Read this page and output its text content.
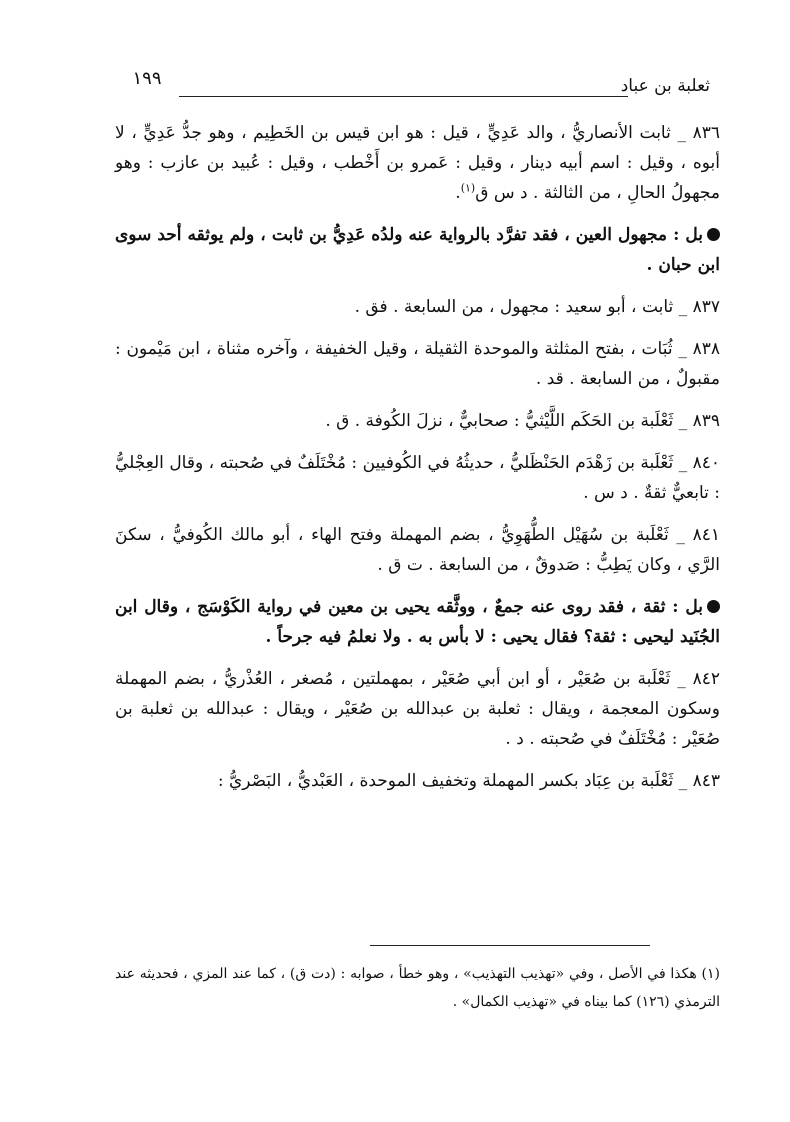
ثعلبة بن عباد
١٩٩

٨٣٦ _ ثابت الأنصاريُّ ، والد عَدِيٍّ ، قيل : هو ابن قيس بن الخَطِيم ، وهو جدُّ عَدِيٍّ ، لا أبوه ، وقيل : اسم أبيه دينار ، وقيل : عَمرو بن أَخْطب ، وقيل : عُبيد بن عازب : وهو مجهولُ الحالِ ، من الثالثة . د س ق$^{(١)}$.

بل : مجهول العين ، فقد تفرَّد بالرواية عنه ولدُه عَدِيُّ بن ثابت ، ولم يوثقه أحد سوى ابن حبان .

٨٣٧ _ ثابت ، أبو سعيد : مجهول ، من السابعة . فق .

٨٣٨ _ ثُبَات ، بفتح المثلثة والموحدة الثقيلة ، وقيل الخفيفة ، وآخره مثناة ، ابن مَيْمون : مقبولٌ ، من السابعة . قد .

٨٣٩ _ ثَعْلَبة بن الحَكَم اللَّيْثيُّ : صحابيٌّ ، نزلَ الكُوفة . ق .

٨٤٠ _ ثَعْلَبة بن زَهْدَم الحَنْظَليُّ ، حديثُهُ في الكُوفيين : مُخْتَلَفٌ في صُحبته ، وقال العِجْليُّ : تابعيٌّ ثقةٌ . د س .

٨٤١ _ ثَعْلَبة بن سُهَيْل الطُّهَوِيُّ ، بضم المهملة وفتح الهاء ، أبو مالك الكُوفيُّ ، سكنَ الرَّي ، وكان يَطِبُّ : صَدوقٌ ، من السابعة . ت ق .

بل : ثقة ، فقد روى عنه جمعٌ ، ووثَّقه يحيى بن معين في رواية الكَوْسَج ، وقال ابن الجُنَيد ليحيى : ثقة؟ فقال يحيى : لا بأس به . ولا نعلمُ فيه جرحاً .

٨٤٢ _ ثَعْلَبة بن صُعَيْر ، أو ابن أبي صُعَيْر ، بمهملتين ، مُصغر ، العُذْريُّ ، بضم المهملة وسكون المعجمة ، ويقال : ثعلبة بن عبدالله بن صُعَيْر ، ويقال : عبدالله بن ثعلبة بن صُعَيْر : مُخْتَلَفٌ في صُحبته . د .

٨٤٣ _ ثَعْلَبة بن عِبَاد بكسر المهملة وتخفيف الموحدة ، العَبْديُّ ، البَصْريُّ :

(١) هكذا في الأصل ، وفي «تهذيب التهذيب» ، وهو خطأ ، صوابه : (دت ق) ، كما عند المزي ، فحديثه عند الترمذي (١٢٦) كما بيناه في «تهذيب الكمال» .
